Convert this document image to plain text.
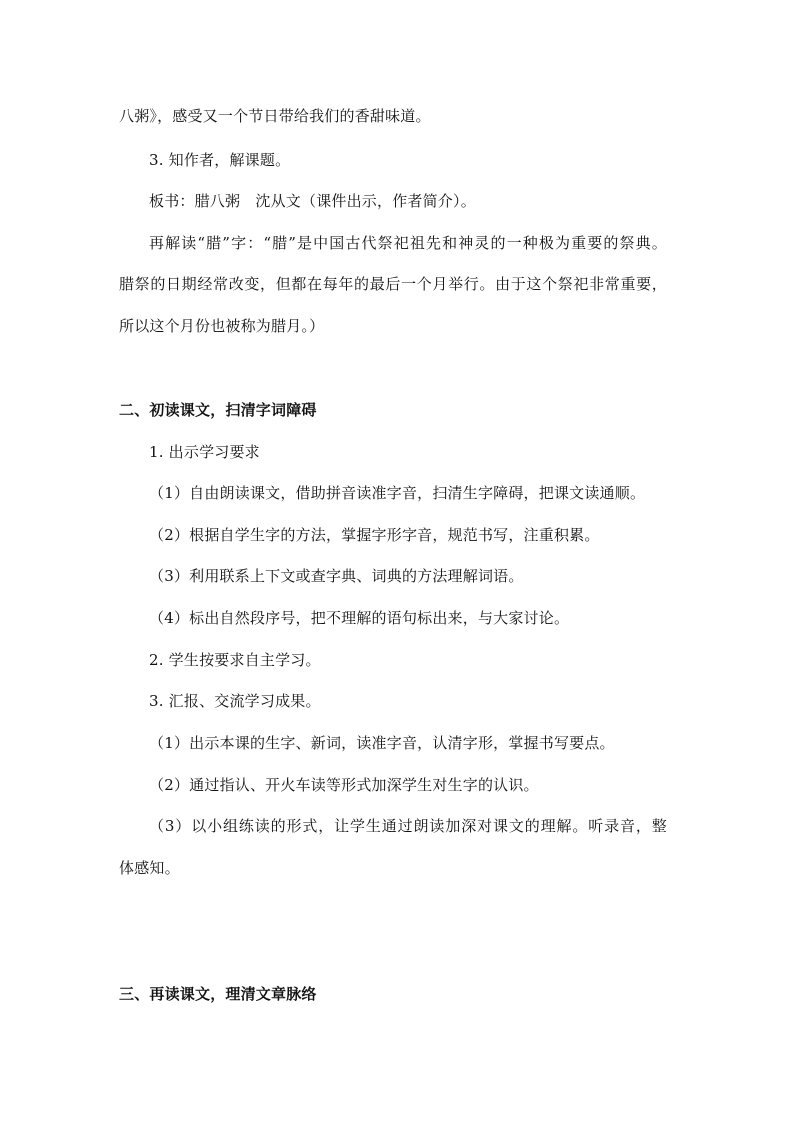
八粥》，感受又一个节日带给我们的香甜味道。
3. 知作者，解课题。
板书：腊八粥　沈从文（课件出示，作者简介）。
再解读“腊”字：“腊”是中国古代祭祀祖先和神灵的一种极为重要的祭典。
腊祭的日期经常改变，但都在每年的最后一个月举行。由于这个祭祀非常重要，
所以这个月份也被称为腊月。）
二、初读课文，扫清字词障碍
1. 出示学习要求
（1）自由朗读课文，借助拼音读准字音，扫清生字障碍，把课文读通顺。
（2）根据自学生字的方法，掌握字形字音，规范书写，注重积累。
（3）利用联系上下文或查字典、词典的方法理解词语。
（4）标出自然段序号，把不理解的语句标出来，与大家讨论。
2. 学生按要求自主学习。
3. 汇报、交流学习成果。
（1）出示本课的生字、新词，读准字音，认清字形，掌握书写要点。
（2）通过指认、开火车读等形式加深学生对生字的认识。
（3）以小组练读的形式，让学生通过朗读加深对课文的理解。听录音，整
体感知。
三、再读课文，理清文章脉络
